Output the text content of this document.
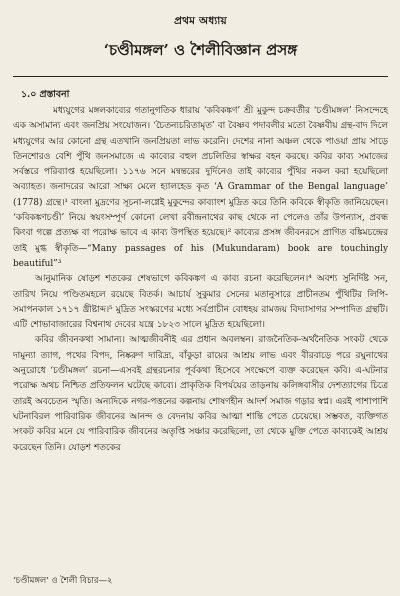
প্রথম অধ্যায়
‘চণ্ডীমঙ্গল’ ও শৈলীবিজ্ঞান প্রসঙ্গ
১.০ প্রস্তাবনা

মধ্যযুগের মঙ্গলকাব্যের গতানুগতিক ধারায় ‘কবিকঙ্কণ’ শ্রী মুকুন্দ চক্রবর্তীর ‘চণ্ডীমঙ্গল’ নিসন্দেহে এক অসামান্য এবং জনপ্রিয় সংযোজন। ‘চৈতন্যচরিতামৃত’ বা বৈষ্ণব পদাবলীর মতো বৈষ্ণবীয় গ্রন্থ-বাদ দিলে মধ্যযুগের আর কোনো গ্রন্থ এতখানি জনপ্রিয়তা লাভ করেনি। দেশের নানা অঞ্চল থেকে পাওয়া প্রায় সাড়ে তিনশোরও বেশি পুঁথি জনসমাজে এ কাব্যের বহুল প্রচলিতির স্বাক্ষর বহন করছে। কবির কাব্য সমাজের সর্বস্তরে পরিব্যাপ্ত হয়েছিলো। ১১৭৬ সনে মন্বন্তরের দুর্দিনেও তাই কাব্যের পুঁথির নকল করা হয়েছিলো অব্যাহত। জনাদরের আরো সাক্ষ্য মেলে হ্যালহেড কৃত ‘A Grammar of the Bengal language’ (1778) গ্রন্থে।¹ বাংলা মুদ্রণের সূচনা-লগ্নেই মুকুন্দের কাব্যাংশ মুদ্রিত করে তিনি কবিকে স্বীকৃতি জানিয়েছেন। ‘কবিকঙ্কণচণ্ডী’ নিয়ে স্বয়ংসম্পূর্ণ কোনো লেখা রবীন্দ্রনাথের কাছ থেকে না পেলেও তাঁর উপন্যাস, প্রবন্ধ কিংবা গল্পে প্রত্যক্ষ বা পরোক্ষ ভাবে এ কাব্য উপস্থিত হয়েছে।² কাব্যের প্রসঙ্গ জীবনরসে প্রাণিত বঙ্কিমচন্দ্রের তাই মুগ্ধ স্বীকৃতি—“Many passages of his (Mukundaram) book are touchingly beautiful”³

আনুমানিক ষোড়শ শতকের শেষভাগে কবিকঙ্কণ এ কাব্য রচনা করেছিলেন।⁴ অবশ্য সুনির্দিষ্ট সন, তারিখ নিয়ে পণ্ডিতমহলে রয়েছে বিতর্ক। আচার্য সুকুমার সেনের মতানুসারে প্রাচীনতম পুঁথিটির লিপি-সমাপনকাল ১৭১৭ খ্রীষ্টাব্দ।⁵ মুদ্রিত সংস্করণের মধ্যে সর্বপ্রাচীন বোধহয় রামজয় বিদ্যাসাগর সম্পাদিত গ্রন্থটি। এটি শোভাবাজারের বিশ্বনাথ দেবের যন্ত্রে ১৮২৩ সালে মুদ্রিত হয়েছিলো।

কবির জীবনকথা সামান্য। আত্মজীবনীই এর প্রধান অবলম্বন। রাজনৈতিক-অর্থনৈতিক সংকট থেকে দামুন্যা ত্যাগ, পথের বিপদ, নিষ্করুণ দারিদ্র্য, বাঁকুড়া রায়ের আশ্রয় লাভ এবং বীরবাড়ে পরে রঘুনাথের অনুরোধে ‘চণ্ডীমঙ্গল’ রচনা—এসবই গ্রন্থরচনার পূর্বকথা হিসেবে সংক্ষেপে ব্যক্ত করেছেন কবি। এ-ঘটনার পরোক্ষ অথচ নিশ্চিত প্রতিফলন ঘটেছে কাব্যে। প্রাকৃতিক বিপর্যয়ের তাড়নায় কলিঙ্গবাসীর দেশত্যাগের চিত্রে তারই অবচেতন স্মৃতি। অন্যদিকে নগর-পত্তনের কল্পনায় শোষণহীন আদর্শ সমাজ গড়ার স্বপ্ন। এরই পাশাপাশি ঘটনাবিরল পারিবারিক জীবনের আনন্দ ও বেদনায় কবির আত্মা শান্তি পেতে চেয়েছে। সম্ভবত, ব্যক্তিগত সংকট কবির মনে যে পারিবারিক জীবনের অতৃপ্তি সঞ্চার করেছিলো, তা থেকে মুক্তি পেতে কাব্যকেই আশ্রয় করেছেন তিনি। যোড়শ শতকের

‘চণ্ডীমঙ্গল’ ও শৈলী বিচার—২
